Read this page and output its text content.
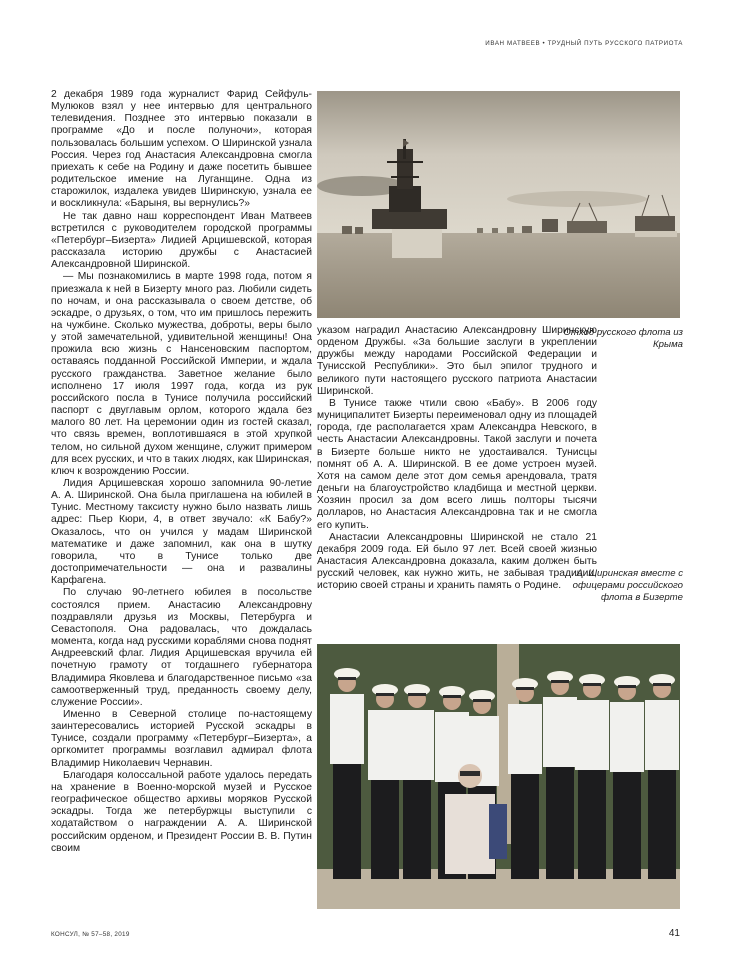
ИВАН МАТВЕЕВ • ТРУДНЫЙ ПУТЬ РУССКОГО ПАТРИОТА

2 декабря 1989 года журналист Фарид Сейфуль-Мулюков взял у нее интервью для центрального телевидения. Позднее это интервью показали в программе «До и после полуночи», которая пользовалась большим успехом. О Ширинской узнала Россия. Через год Анастасия Александровна смогла приехать к себе на Родину и даже посетить бывшее родительское имение на Луганщине. Одна из старожилок, издалека увидев Ширинскую, узнала ее и воскликнула: «Барыня, вы вернулись?»

Не так давно наш корреспондент Иван Матвеев встретился с руководителем городской программы «Петербург–Бизерта» Лидией Арцишевской, которая рассказала историю дружбы с Анастасией Александровной Ширинской.

— Мы познакомились в марте 1998 года, потом я приезжала к ней в Бизерту много раз. Любили сидеть по ночам, и она рассказывала о своем детстве, об эскадре, о друзьях, о том, что им пришлось пережить на чужбине. Сколько мужества, доброты, веры было у этой замечательной, удивительной женщины! Она прожила всю жизнь с Нансеновским паспортом, оставаясь подданной Российской Империи, и ждала русского гражданства. Заветное желание было исполнено 17 июля 1997 года, когда из рук российского посла в Тунисе получила российский паспорт с двуглавым орлом, которого ждала без малого 80 лет. На церемонии один из гостей сказал, что связь времен, воплотившаяся в этой хрупкой телом, но сильной духом женщине, служит примером для всех русских, и что в таких людях, как Ширинская, ключ к возрождению России.

Лидия Арцишевская хорошо запомнила 90-летие А. А. Ширинской. Она была приглашена на юбилей в Тунис. Местному таксисту нужно было назвать лишь адрес: Пьер Кюри, 4, в ответ звучало: «К Бабу?» Оказалось, что он учился у мадам Ширинской математике и даже запомнил, как она в шутку говорила, что в Тунисе только две достопримечательности — она и развалины Карфагена.

По случаю 90-летнего юбилея в посольстве состоялся прием. Анастасию Александровну поздравляли друзья из Москвы, Петербурга и Севастополя. Она радовалась, что дождалась момента, когда над русскими кораблями снова поднят Андреевский флаг. Лидия Арцишевская вручила ей почетную грамоту от тогдашнего губернатора Владимира Яковлева и благодарственное письмо «за самоотверженный труд, преданность своему делу, служение России».

Именно в Северной столице по-настоящему заинтересовались историей Русской эскадры в Тунисе, создали программу «Петербург–Бизерта», а оргкомитет программы возглавил адмирал флота Владимир Николаевич Чернавин.

Благодаря колоссальной работе удалось передать на хранение в Военно-морской музей и Русское географическое общество архивы моряков Русской эскадры. Тогда же петербуржцы выступили с ходатайством о награждении А. А. Ширинской российским орденом, и Президент России В. В. Путин своим

Отход русского флота из Крыма

указом наградил Анастасию Александровну Ширинскую орденом Дружбы. «За большие заслуги в укреплении дружбы между народами Российской Федерации и Тунисской Республики». Это был эпилог трудного и великого пути настоящего русского патриота Анастасии Ширинской.

В Тунисе также чтили свою «Бабу». В 2006 году муниципалитет Бизерты переименовал одну из площадей города, где располагается храм Александра Невского, в честь Анастасии Александровны. Такой заслуги и почета в Бизерте больше никто не удостаивался. Тунисцы помнят об А. А. Ширинской. В ее доме устроен музей. Хотя на самом деле этот дом семья арендовала, тратя деньги на благоустройство кладбища и местной церкви. Хозяин просил за дом всего лишь полторы тысячи долларов, но Анастасия Александровна так и не смогла его купить.

Анастасии Александровны Ширинской не стало 21 декабря 2009 года. Ей было 97 лет. Всей своей жизнью Анастасия Александровна доказала, каким должен быть русский человек, как нужно жить, не забывая традиции, историю своей страны и хранить память о Родине.

А. Ширинская вместе с офицерами российского флота в Бизерте
КОНСУЛ, № 57–58, 2019	41
